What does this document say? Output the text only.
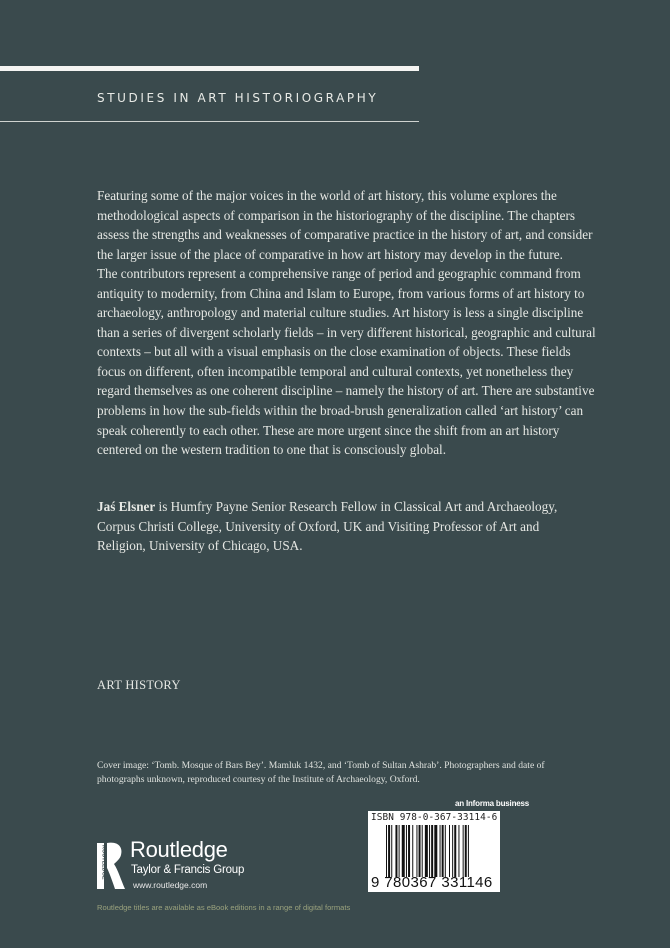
STUDIES IN ART HISTORIOGRAPHY
Featuring some of the major voices in the world of art history, this volume explores the
methodological aspects of comparison in the historiography of the discipline. The chapters
assess the strengths and weaknesses of comparative practice in the history of art, and consider
the larger issue of the place of comparative in how art history may develop in the future.
The contributors represent a comprehensive range of period and geographic command from
antiquity to modernity, from China and Islam to Europe, from various forms of art history to
archaeology, anthropology and material culture studies. Art history is less a single discipline
than a series of divergent scholarly fields – in very different historical, geographic and cultural
contexts – but all with a visual emphasis on the close examination of objects. These fields
focus on different, often incompatible temporal and cultural contexts, yet nonetheless they
regard themselves as one coherent discipline – namely the history of art. There are substantive
problems in how the sub-fields within the broad-brush generalization called ‘art history’ can
speak coherently to each other. These are more urgent since the shift from an art history
centered on the western tradition to one that is consciously global.
Jaś Elsner is Humfry Payne Senior Research Fellow in Classical Art and Archaeology,
Corpus Christi College, University of Oxford, UK and Visiting Professor of Art and
Religion, University of Chicago, USA.
ART HISTORY
Cover image: ‘Tomb. Mosque of Bars Bey’. Mamluk 1432, and ‘Tomb of Sultan Ashrab’. Photographers and date of
photographs unknown, reproduced courtesy of the Institute of Archaeology, Oxford.
an Informa business
ISBN 978-0-367-33114-6
9 780367 331146
ROUTLEDGE Routledge
Taylor & Francis Group
www.routledge.com
Routledge titles are available as eBook editions in a range of digital formats
